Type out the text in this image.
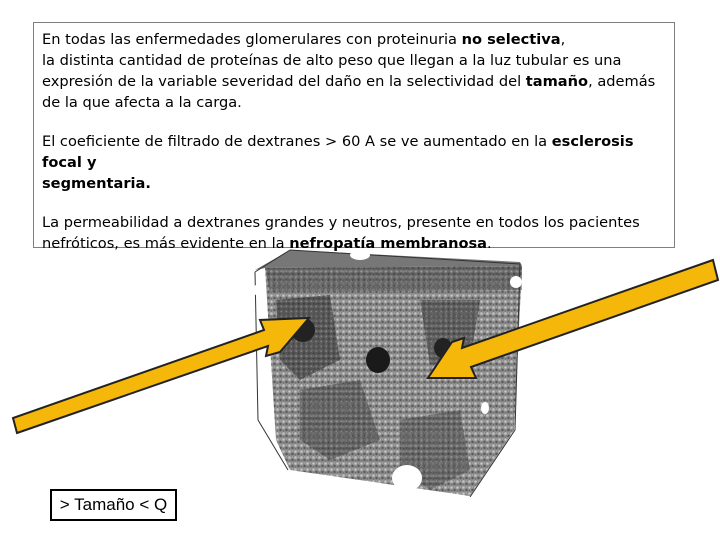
En todas las enfermedades glomerulares con proteinuria no selectiva,
la distinta cantidad de proteínas de alto peso que llegan a la luz tubular es una
expresión de la variable severidad del daño en la selectividad del tamaño, además
de la que afecta a la carga.

El coeficiente de filtrado de dextranes > 60 A se ve aumentado en la esclerosis focal y
segmentaria.

La permeabilidad a dextranes grandes y neutros, presente en todos los pacientes
nefróticos, es más evidente en la nefropatía membranosa.

> Tamaño < Q
